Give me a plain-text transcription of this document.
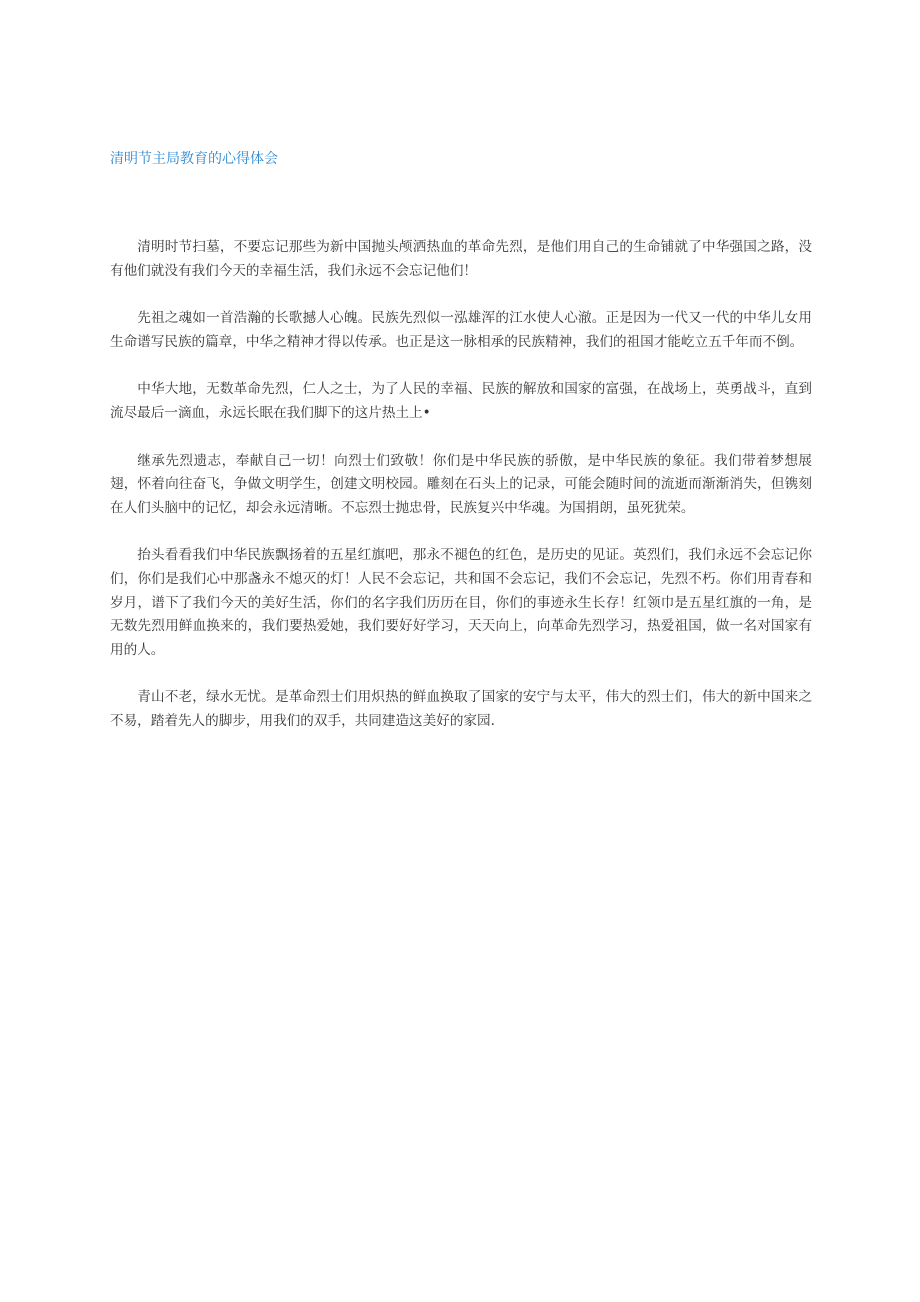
清明节主局教育的心得体会

清明时节扫墓，不要忘记那些为新中国抛头颅洒热血的革命先烈，是他们用自己的生命铺就了中华强国之路，没有他们就没有我们今天的幸福生活，我们永远不会忘记他们！

先祖之魂如一首浩瀚的长歌撼人心魄。民族先烈似一泓雄浑的江水使人心澈。正是因为一代又一代的中华儿女用生命谱写民族的篇章，中华之精神才得以传承。也正是这一脉相承的民族精神，我们的祖国才能屹立五千年而不倒。

中华大地，无数革命先烈，仁人之士，为了人民的幸福、民族的解放和国家的富强，在战场上，英勇战斗，直到流尽最后一滴血，永远长眠在我们脚下的这片热土上•

继承先烈遗志，奉献自己一切！向烈士们致敬！你们是中华民族的骄傲，是中华民族的象征。我们带着梦想展翅，怀着向往奋飞，争做文明学生，创建文明校园。雕刻在石头上的记录，可能会随时间的流逝而渐渐消失，但镌刻在人们头脑中的记忆，却会永远清晰。不忘烈士抛忠骨，民族复兴中华魂。为国捐朗，虽死犹荣。

抬头看看我们中华民族飘扬着的五星红旗吧，那永不褪色的红色，是历史的见证。英烈们，我们永远不会忘记你们，你们是我们心中那盏永不熄灭的灯！人民不会忘记，共和国不会忘记，我们不会忘记，先烈不朽。你们用青春和岁月，谱下了我们今天的美好生活，你们的名字我们历历在目，你们的事迹永生长存！红领巾是五星红旗的一角，是无数先烈用鲜血换来的，我们要热爱她，我们要好好学习，天天向上，向革命先烈学习，热爱祖国，做一名对国家有用的人。

青山不老，绿水无忧。是革命烈士们用炽热的鲜血换取了国家的安宁与太平，伟大的烈士们，伟大的新中国来之不易，踏着先人的脚步，用我们的双手，共同建造这美好的家园.
